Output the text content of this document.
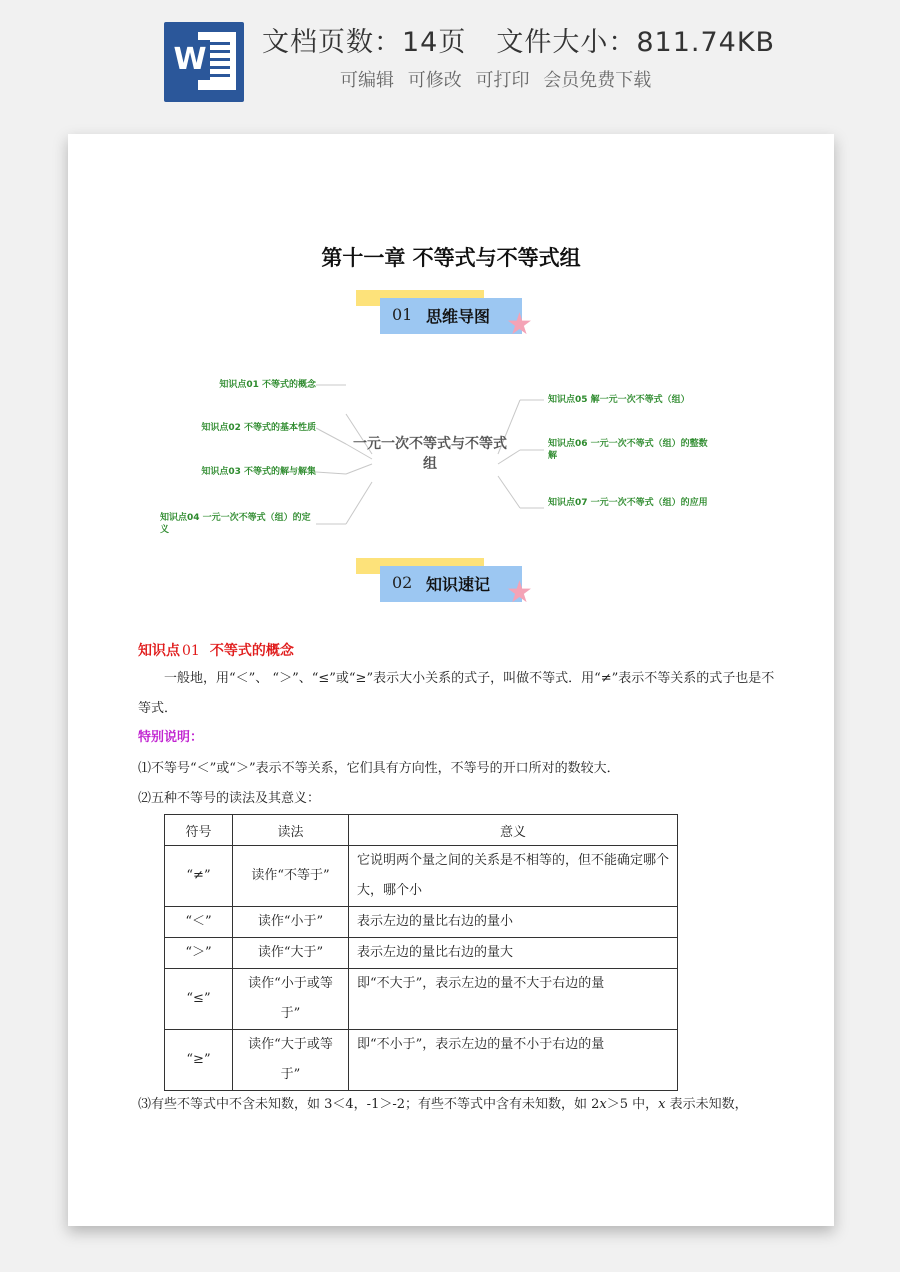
W 文档页数：14页 文件大小：811.74KB
可编辑 可修改 可打印 会员免费下载
第十一章 不等式与不等式组
01 思维导图 ★
一元一次不等式与不等式组
知识点01 不等式的概念
知识点02 不等式的基本性质
知识点03 不等式的解与解集
知识点04 一元一次不等式（组）的定义
知识点05 解一元一次不等式（组）
知识点06 一元一次不等式（组）的整数解
知识点07 一元一次不等式（组）的应用
02 知识速记 ★
知识点 01 不等式的概念
一般地，用“＜”、 “＞”、“≤”或“≥”表示大小关系的式子，叫做不等式．用“≠”表示不等关系的式子也是不等式．
特别说明：
⑴不等号“＜”或“＞”表示不等关系，它们具有方向性，不等号的开口所对的数较大．
⑵五种不等号的读法及其意义：
符号	读法	意义
“≠”	读作“不等于”	它说明两个量之间的关系是不相等的，但不能确定哪个大，哪个小
“＜”	读作“小于”	表示左边的量比右边的量小
“＞”	读作“大于”	表示左边的量比右边的量大
“≤”	读作“小于或等于”	即“不大于”，表示左边的量不大于右边的量
“≥”	读作“大于或等于”	即“不小于”，表示左边的量不小于右边的量
⑶有些不等式中不含未知数，如 3＜4，-1＞-2；有些不等式中含有未知数，如 2x＞5 中，x 表示未知数，
